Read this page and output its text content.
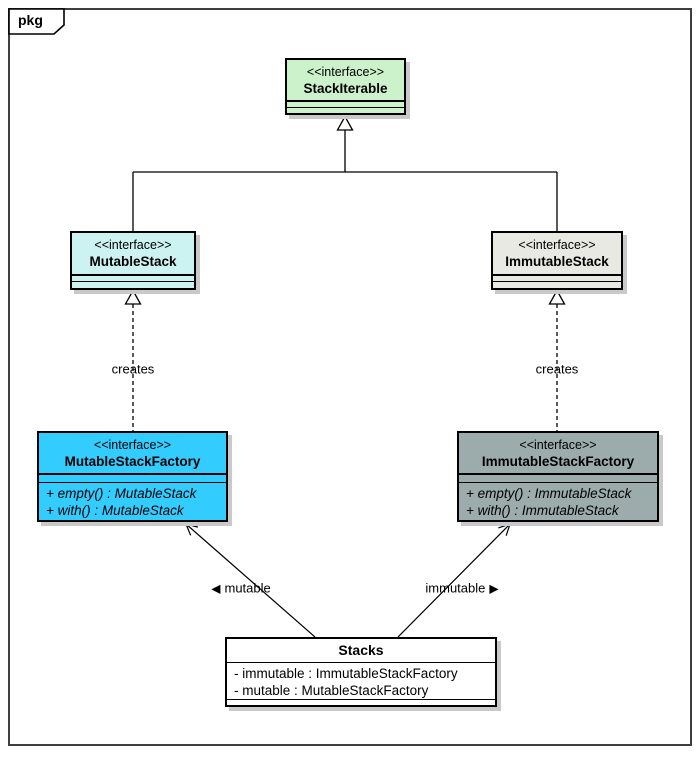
pkg
<<interface>>
StackIterable
<<interface>>
MutableStack
<<interface>>
ImmutableStack
<<interface>>
MutableStackFactory
+ empty() : MutableStack
+ with() : MutableStack
<<interface>>
ImmutableStackFactory
+ empty() : ImmutableStack
+ with() : ImmutableStack
Stacks
- immutable : ImmutableStackFactory
- mutable : MutableStackFactory
creates	creates
◀ mutable	immutable ▶
